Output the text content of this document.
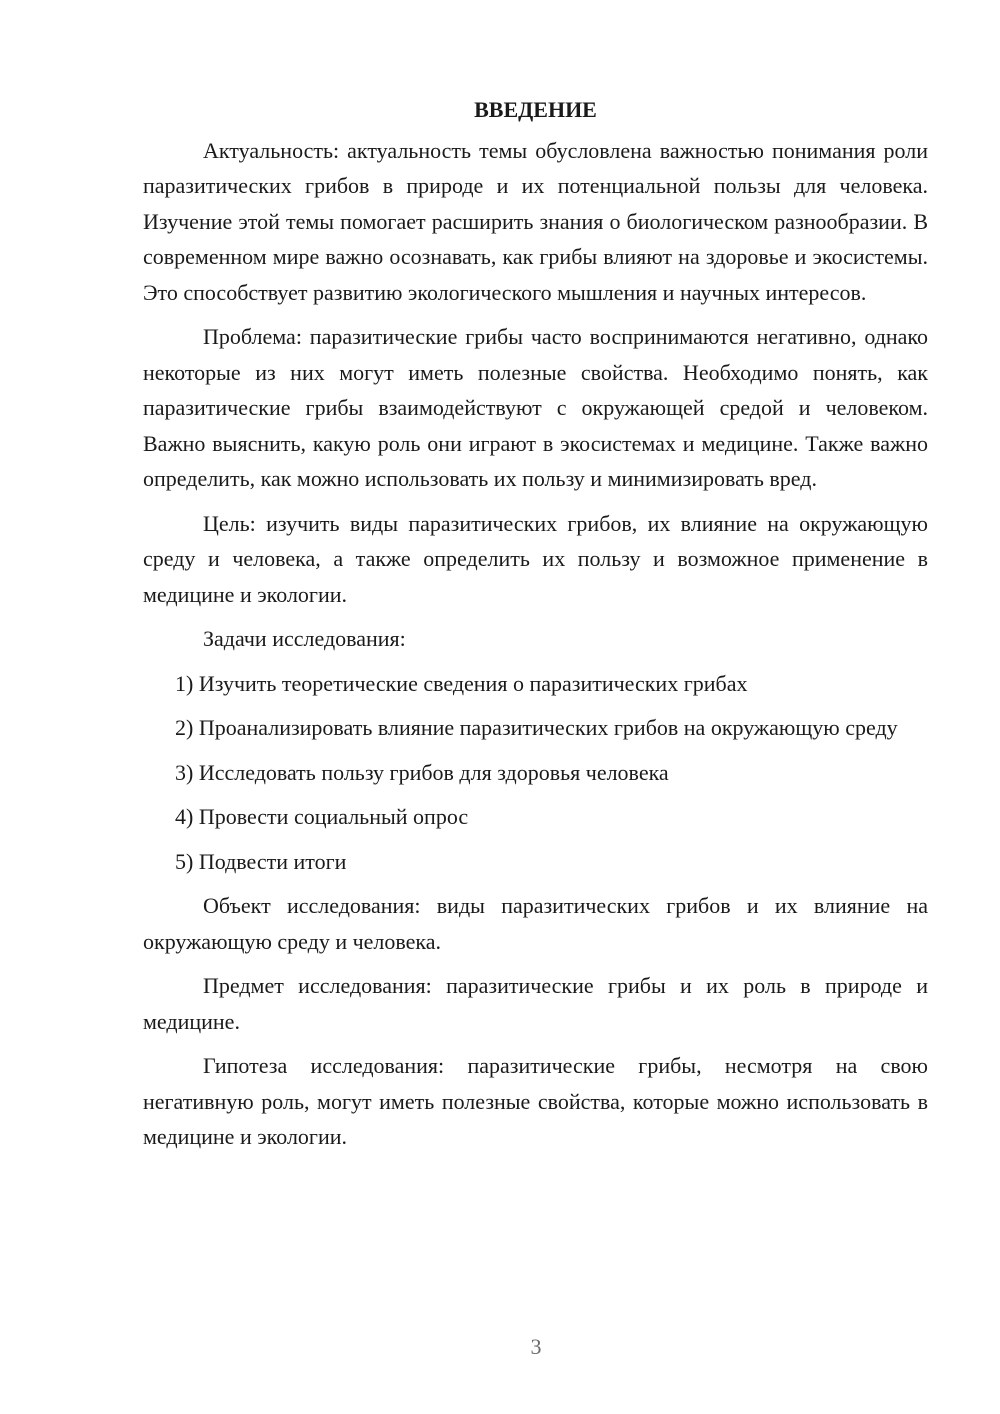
ВВЕДЕНИЕ

Актуальность: актуальность темы обусловлена важностью понимания роли паразитических грибов в природе и их потенциальной пользы для человека. Изучение этой темы помогает расширить знания о биологическом разнообразии. В современном мире важно осознавать, как грибы влияют на здоровье и экосистемы. Это способствует развитию экологического мышления и научных интересов.

Проблема: паразитические грибы часто воспринимаются негативно, однако некоторые из них могут иметь полезные свойства. Необходимо понять, как паразитические грибы взаимодействуют с окружающей средой и человеком. Важно выяснить, какую роль они играют в экосистемах и медицине. Также важно определить, как можно использовать их пользу и минимизировать вред.

Цель: изучить виды паразитических грибов, их влияние на окружающую среду и человека, а также определить их пользу и возможное применение в медицине и экологии.

Задачи исследования:

1) Изучить теоретические сведения о паразитических грибах

2) Проанализировать влияние паразитических грибов на окружающую среду

3) Исследовать пользу грибов для здоровья человека

4) Провести социальный опрос

5) Подвести итоги

Объект исследования: виды паразитических грибов и их влияние на окружающую среду и человека.

Предмет исследования: паразитические грибы и их роль в природе и медицине.

Гипотеза исследования: паразитические грибы, несмотря на свою негативную роль, могут иметь полезные свойства, которые можно использовать в медицине и экологии.

3
